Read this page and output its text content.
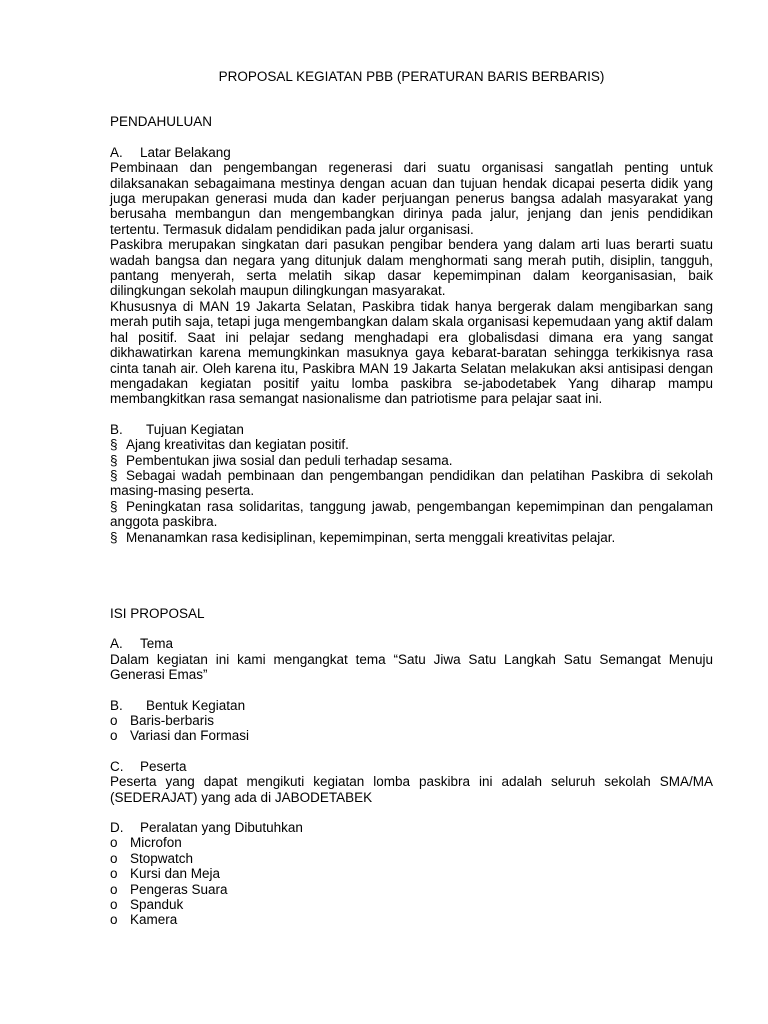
PROPOSAL KEGIATAN PBB (PERATURAN BARIS BERBARIS)
PENDAHULUAN
A. Latar Belakang

Pembinaan dan pengembangan regenerasi dari suatu organisasi sangatlah penting untuk dilaksanakan sebagaimana mestinya dengan acuan dan tujuan hendak dicapai peserta didik yang juga merupakan generasi muda dan kader perjuangan penerus bangsa adalah masyarakat yang berusaha membangun dan mengembangkan dirinya pada jalur, jenjang dan jenis pendidikan tertentu. Termasuk didalam pendidikan pada jalur organisasi.

Paskibra merupakan singkatan dari pasukan pengibar bendera yang dalam arti luas berarti suatu wadah bangsa dan negara yang ditunjuk dalam menghormati sang merah putih, disiplin, tangguh, pantang menyerah, serta melatih sikap dasar kepemimpinan dalam keorganisasian, baik dilingkungan sekolah maupun dilingkungan masyarakat.

Khususnya di MAN 19 Jakarta Selatan, Paskibra tidak hanya bergerak dalam mengibarkan sang merah putih saja, tetapi juga mengembangkan dalam skala organisasi kepemudaan yang aktif dalam hal positif. Saat ini pelajar sedang menghadapi era globalisdasi dimana era yang sangat dikhawatirkan karena memungkinkan masuknya gaya kebarat-baratan sehingga terkikisnya rasa cinta tanah air. Oleh karena itu, Paskibra MAN 19 Jakarta Selatan melakukan aksi antisipasi dengan mengadakan kegiatan positif yaitu lomba paskibra se-jabodetabek Yang diharap mampu membangkitkan rasa semangat nasionalisme dan patriotisme para pelajar saat ini.

B. Tujuan Kegiatan

§ Ajang kreativitas dan kegiatan positif.

§ Pembentukan jiwa sosial dan peduli terhadap sesama.

§ Sebagai wadah pembinaan dan pengembangan pendidikan dan pelatihan Paskibra di sekolah masing-masing peserta.

§ Peningkatan rasa solidaritas, tanggung jawab, pengembangan kepemimpinan dan pengalaman anggota paskibra.

§ Menanamkan rasa kedisiplinan, kepemimpinan, serta menggali kreativitas pelajar.

ISI PROPOSAL
A. Tema

Dalam kegiatan ini kami mengangkat tema “Satu Jiwa Satu Langkah Satu Semangat Menuju Generasi Emas”

B. Bentuk Kegiatan

o Baris-berbaris

o Variasi dan Formasi

C. Peserta

Peserta yang dapat mengikuti kegiatan lomba paskibra ini adalah seluruh sekolah SMA/MA (SEDERAJAT) yang ada di JABODETABEK

D. Peralatan yang Dibutuhkan

o Microfon

o Stopwatch

o Kursi dan Meja

o Pengeras Suara

o Spanduk

o Kamera
